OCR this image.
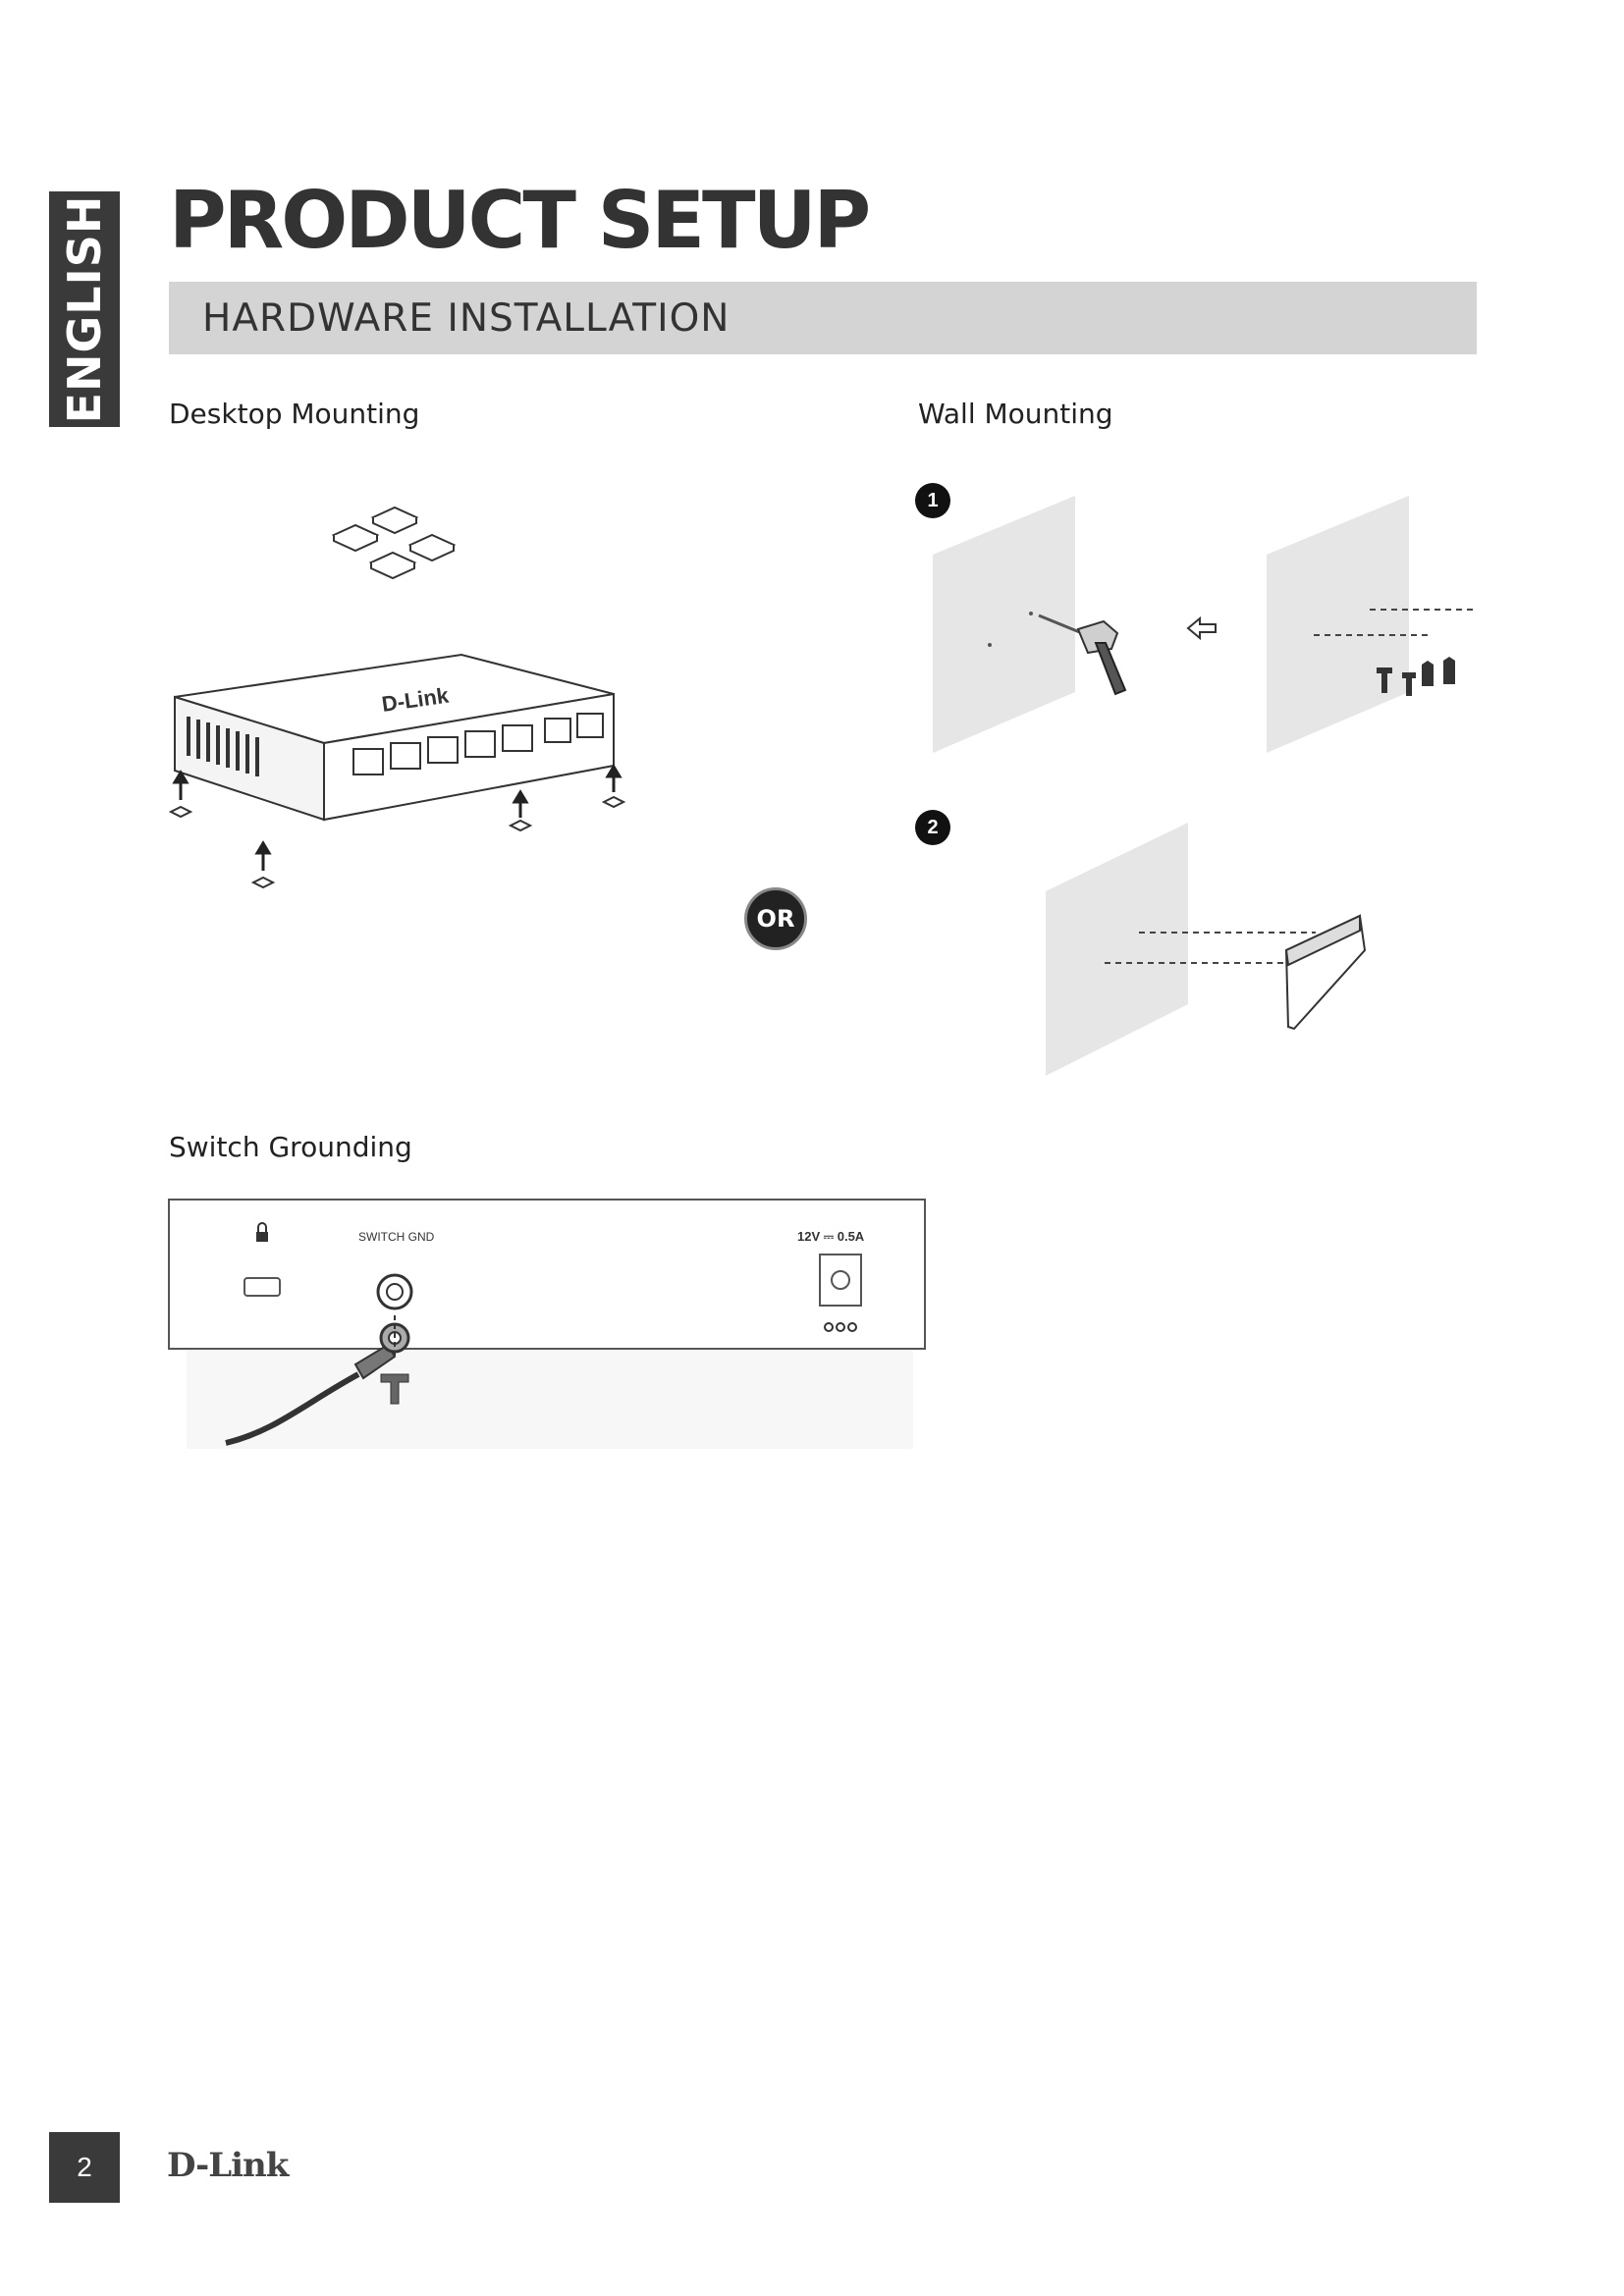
ENGLISH PRODUCT SETUP
HARDWARE INSTALLATION
Desktop Mounting	Wall Mounting
D-Link
OR
1
2
Switch Grounding
SWITCH GND	12V ⎓ 0.5A
2	D-Link
